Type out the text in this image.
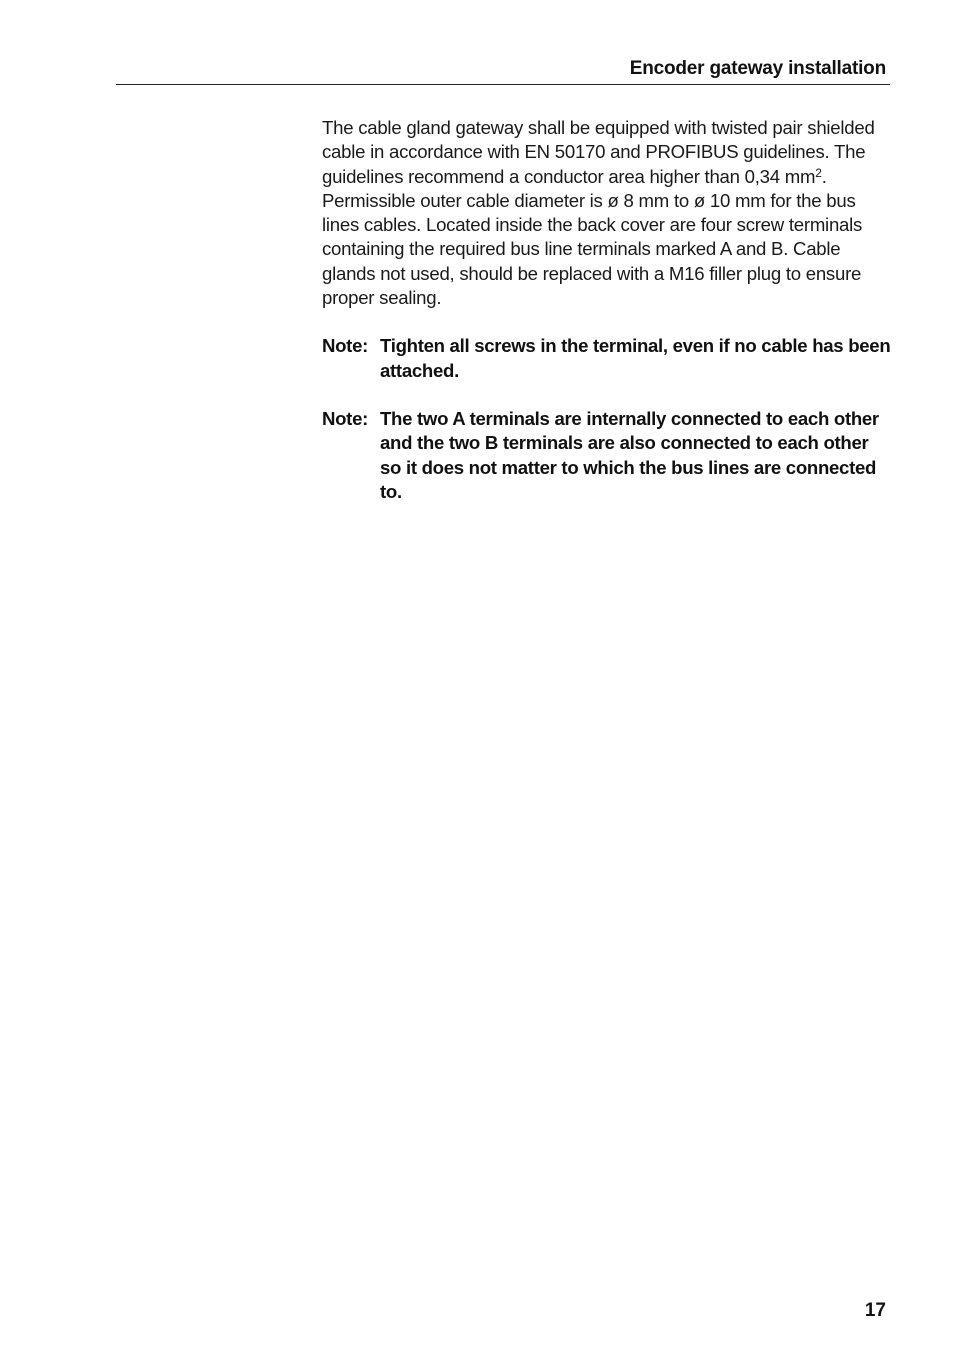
Encoder gateway installation

The cable gland gateway shall be equipped with twisted pair shielded cable in accordance with EN 50170 and PROFIBUS guidelines. The guidelines recommend a conductor area higher than 0,34 $mm^2$. Permissible outer cable diameter is ø 8 mm to ø 10 mm for the bus lines cables. Located inside the back cover are four screw terminals containing the required bus line terminals marked A and B. Cable glands not used, should be replaced with a M16 filler plug to ensure proper sealing.

Note: Tighten all screws in the terminal, even if no cable has been attached.

Note: The two A terminals are internally connected to each other and the two B terminals are also connected to each other so it does not matter to which the bus lines are connected to.

17
